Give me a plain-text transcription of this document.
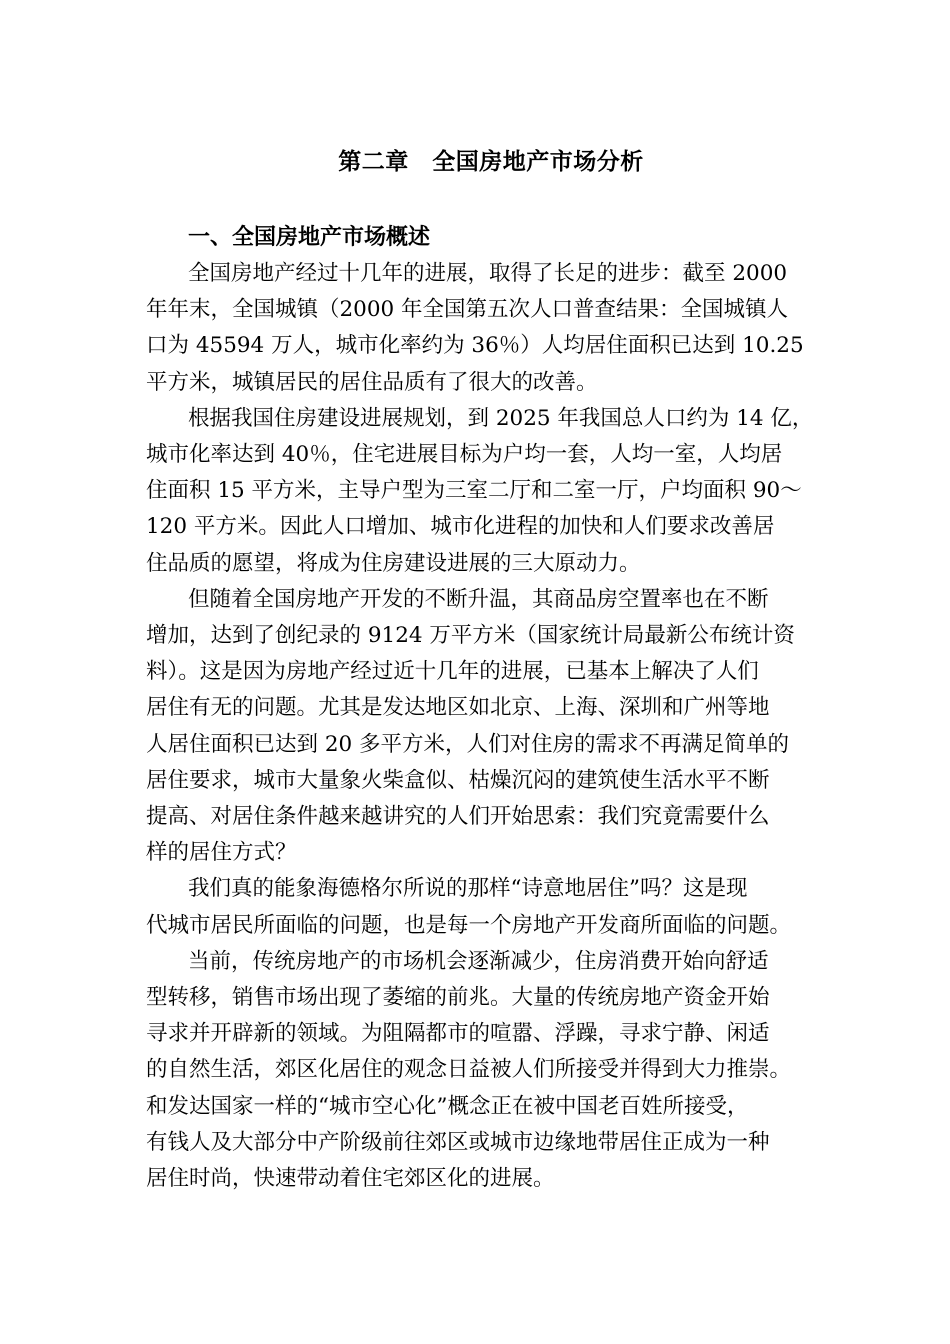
第二章　全国房地产市场分析
一、全国房地产市场概述
全国房地产经过十几年的进展，取得了长足的进步：截至 2000
年年末，全国城镇（2000 年全国第五次人口普查结果：全国城镇人
口为 45594 万人，城市化率约为 36％）人均居住面积已达到 10.25
平方米，城镇居民的居住品质有了很大的改善。
根据我国住房建设进展规划，到 2025 年我国总人口约为 14 亿，
城市化率达到 40％，住宅进展目标为户均一套，人均一室，人均居
住面积 15 平方米，主导户型为三室二厅和二室一厅，户均面积 90～
120 平方米。因此人口增加、城市化进程的加快和人们要求改善居
住品质的愿望，将成为住房建设进展的三大原动力。
但随着全国房地产开发的不断升温，其商品房空置率也在不断
增加，达到了创纪录的 9124 万平方米（国家统计局最新公布统计资
料）。这是因为房地产经过近十几年的进展，已基本上解决了人们
居住有无的问题。尤其是发达地区如北京、上海、深圳和广州等地
人居住面积已达到 20 多平方米，人们对住房的需求不再满足简单的
居住要求，城市大量象火柴盒似、枯燥沉闷的建筑使生活水平不断
提高、对居住条件越来越讲究的人们开始思索：我们究竟需要什么
样的居住方式？
我们真的能象海德格尔所说的那样“诗意地居住”吗？这是现
代城市居民所面临的问题，也是每一个房地产开发商所面临的问题。
当前，传统房地产的市场机会逐渐减少，住房消费开始向舒适
型转移，销售市场出现了萎缩的前兆。大量的传统房地产资金开始
寻求并开辟新的领域。为阻隔都市的喧嚣、浮躁，寻求宁静、闲适
的自然生活，郊区化居住的观念日益被人们所接受并得到大力推崇。
和发达国家一样的“城市空心化”概念正在被中国老百姓所接受，
有钱人及大部分中产阶级前往郊区或城市边缘地带居住正成为一种
居住时尚，快速带动着住宅郊区化的进展。
